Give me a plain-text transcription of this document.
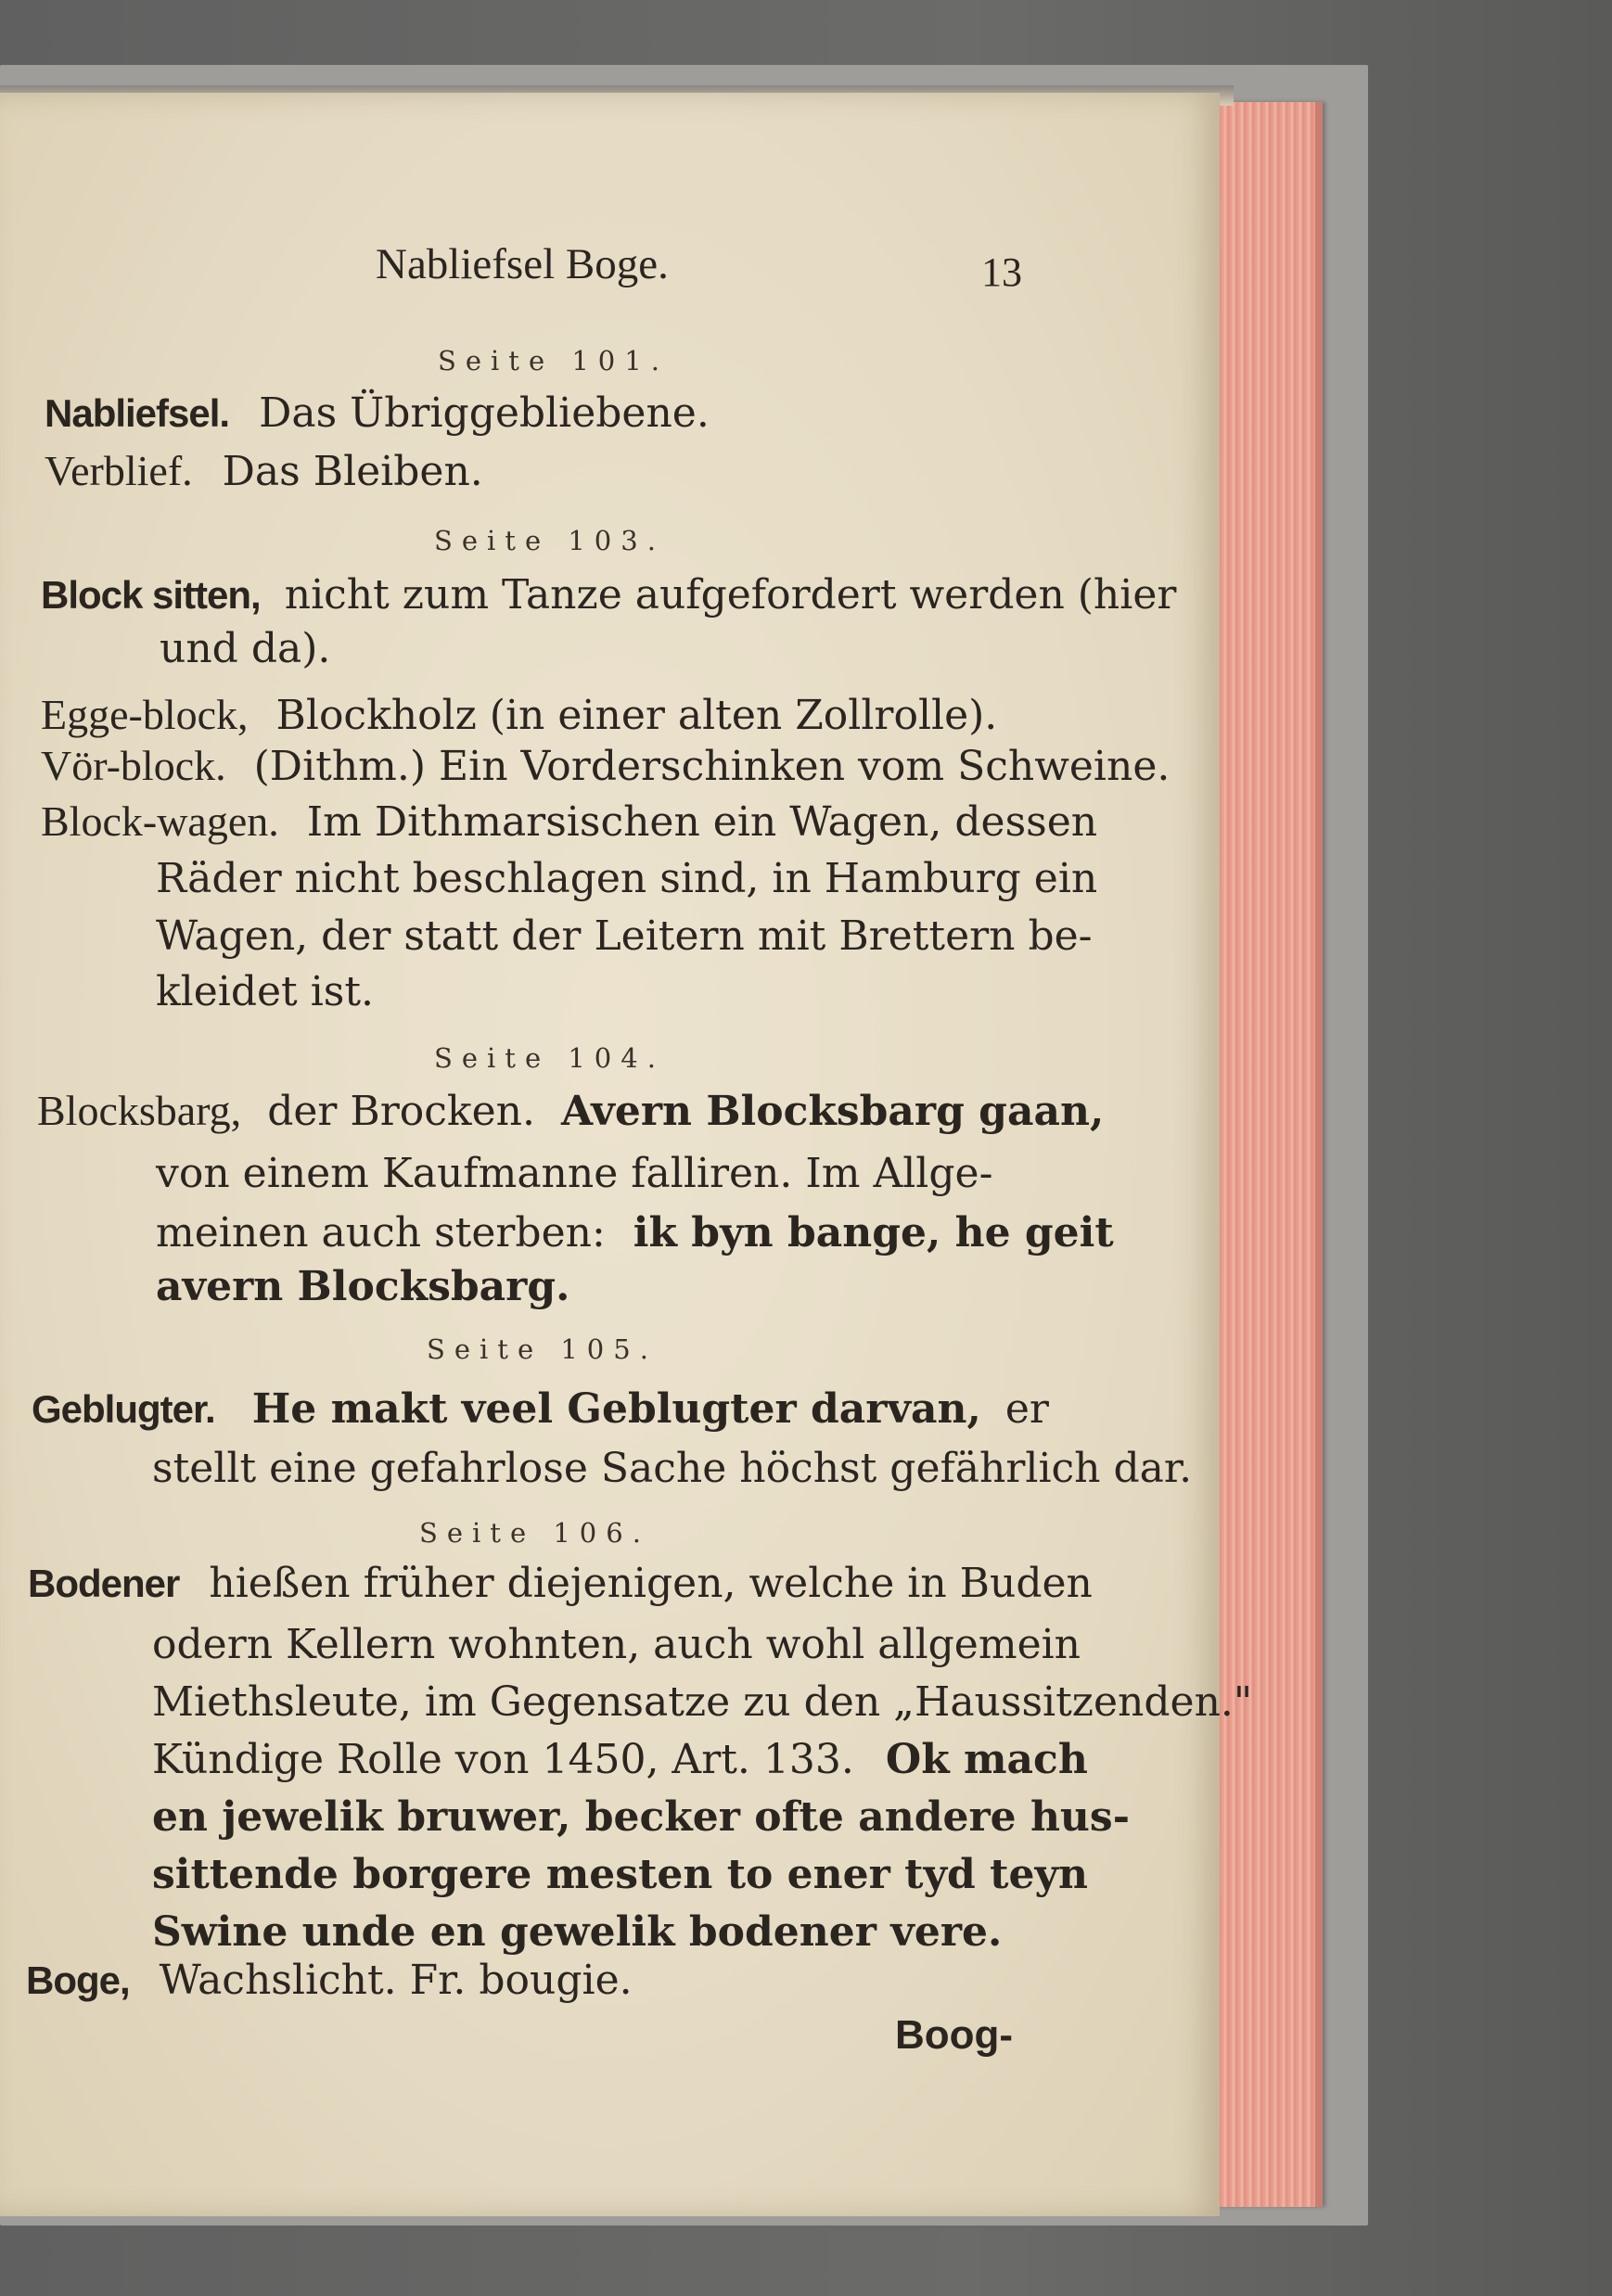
Nabliefsel Boge.	13
Seite 101.
Nabliefsel. Das Übriggebliebene.
Verblief. Das Bleiben.
Seite 103.
Block sitten, nicht zum Tanze aufgefordert werden (hier
und da).
Egge-block, Blockholz (in einer alten Zollrolle).
Vör-block. (Dithm.) Ein Vorderschinken vom Schweine.
Block-wagen. Im Dithmarsischen ein Wagen, dessen
Räder nicht beschlagen sind, in Hamburg ein
Wagen, der statt der Leitern mit Brettern be-
kleidet ist.
Seite 104.
Blocksbarg, der Brocken. Avern Blocksbarg gaan,
von einem Kaufmanne falliren. Im Allge-
meinen auch sterben: ik byn bange, he geit
avern Blocksbarg.
Seite 105.
Geblugter. He makt veel Geblugter darvan, er
stellt eine gefahrlose Sache höchst gefährlich dar.
Seite 106.
Bodener hießen früher diejenigen, welche in Buden
odern Kellern wohnten, auch wohl allgemein
Miethsleute, im Gegensatze zu den „Haussitzenden."
Kündige Rolle von 1450, Art. 133. Ok mach
en jewelik bruwer, becker ofte andere hus-
sittende borgere mesten to ener tyd teyn
Swine unde en gewelik bodener vere.
Boge, Wachslicht. Fr. bougie.
Boog-
